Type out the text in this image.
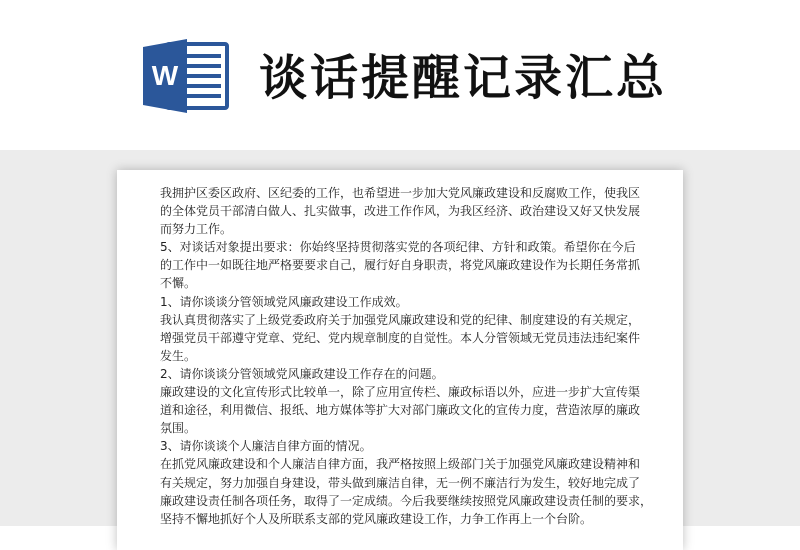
W 谈话提醒记录汇总
我拥护区委区政府、区纪委的工作，也希望进一步加大党风廉政建设和反腐败工作，使我区
的全体党员干部清白做人、扎实做事，改进工作作风，为我区经济、政治建设又好又快发展
而努力工作。
5、对谈话对象提出要求：你始终坚持贯彻落实党的各项纪律、方针和政策。希望你在今后
的工作中一如既往地严格要要求自己，履行好自身职责，将党风廉政建设作为长期任务常抓
不懈。
1、请你谈谈分管领域党风廉政建设工作成效。
我认真贯彻落实了上级党委政府关于加强党风廉政建设和党的纪律、制度建设的有关规定，
增强党员干部遵守党章、党纪、党内规章制度的自觉性。本人分管领域无党员违法违纪案件
发生。
2、请你谈谈分管领域党风廉政建设工作存在的问题。
廉政建设的文化宣传形式比较单一，除了应用宣传栏、廉政标语以外，应进一步扩大宣传渠
道和途径，利用微信、报纸、地方媒体等扩大对部门廉政文化的宣传力度，营造浓厚的廉政
氛围。
3、请你谈谈个人廉洁自律方面的情况。
在抓党风廉政建设和个人廉洁自律方面，我严格按照上级部门关于加强党风廉政建设精神和
有关规定，努力加强自身建设，带头做到廉洁自律，无一例不廉洁行为发生，较好地完成了
廉政建设责任制各项任务，取得了一定成绩。今后我要继续按照党风廉政建设责任制的要求，
坚持不懈地抓好个人及所联系支部的党风廉政建设工作，力争工作再上一个台阶。
